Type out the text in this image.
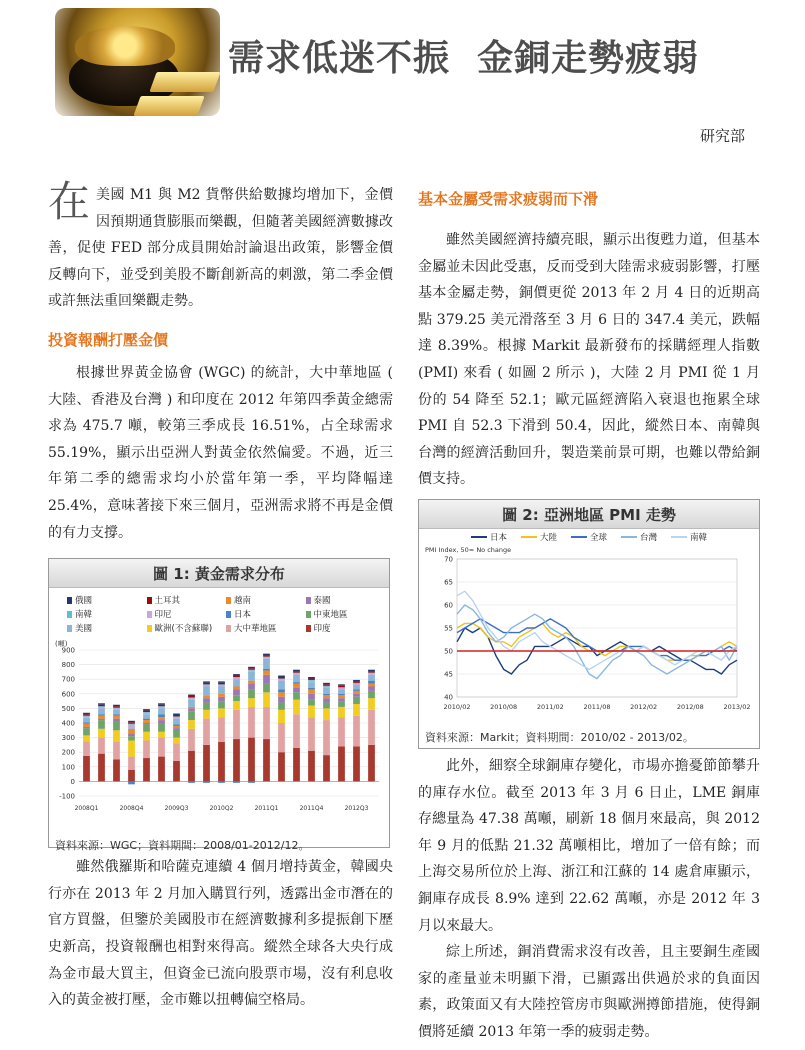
需求低迷不振  金銅走勢疲弱
研究部

在美國 M1 與 M2 貨幣供給數據均增加下，金價因預期通貨膨脹而樂觀，但隨著美國經濟數據改善，促使 FED 部分成員開始討論退出政策，影響金價反轉向下，並受到美股不斷創新高的刺激，第二季金價或許無法重回樂觀走勢。

投資報酬打壓金價

根據世界黃金協會 (WGC) 的統計，大中華地區 ( 大陸、香港及台灣 ) 和印度在 2012 年第四季黃金總需求為 475.7 噸，較第三季成長 16.51%，占全球需求 55.19%，顯示出亞洲人對黃金依然偏愛。不過，近三年第二季的總需求均小於當年第一季，平均降幅達 25.4%，意味著接下來三個月，亞洲需求將不再是金價的有力支撐。

圖 1: 黃金需求分布
俄國	土耳其	越南	泰國
南韓	印尼	日本	中東地區
美國	歐洲(不含蘇聯)	大中華地區	印度
(噸)
900
800
700
600
500
400
300
200
100
0
-100
2008Q1	2008Q4	2009Q3	2010Q2	2011Q1	2011Q4	2012Q3
資料來源：WGC；資料期間：2008/01-2012/12。

雖然俄羅斯和哈薩克連續 4 個月增持黃金，韓國央行亦在 2013 年 2 月加入購買行列，透露出金市潛在的官方買盤，但鑒於美國股市在經濟數據利多提振創下歷史新高，投資報酬也相對來得高。縱然全球各大央行成為金市最大買主，但資金已流向股票市場，沒有利息收入的黃金被打壓，金市難以扭轉偏空格局。

基本金屬受需求疲弱而下滑

雖然美國經濟持續亮眼，顯示出復甦力道，但基本金屬並未因此受惠，反而受到大陸需求疲弱影響，打壓基本金屬走勢，銅價更從 2013 年 2 月 4 日的近期高點 379.25 美元滑落至 3 月 6 日的 347.4 美元，跌幅達 8.39%。根據 Markit 最新發布的採購經理人指數 (PMI) 來看 ( 如圖 2 所示 )，大陸 2 月 PMI 從 1 月份的 54 降至 52.1；歐元區經濟陷入衰退也拖累全球 PMI 自 52.3 下滑到 50.4，因此，縱然日本、南韓與台灣的經濟活動回升，製造業前景可期，也難以帶給銅價支持。

圖 2: 亞洲地區 PMI 走勢
日本	大陸	全球	台灣	南韓
PMI Index, 50= No change
70
65
60
55
50
45
40
2010/02	2010/08	2011/02	2011/08	2012/02	2012/08	2013/02
資料來源：Markit；資料期間：2010/02 - 2013/02。

此外，細察全球銅庫存變化，市場亦擔憂節節攀升的庫存水位。截至 2013 年 3 月 6 日止，LME 銅庫存總量為 47.38 萬噸，刷新 18 個月來最高，與 2012 年 9 月的低點 21.32 萬噸相比，增加了一倍有餘；而上海交易所位於上海、浙江和江蘇的 14 處倉庫顯示，銅庫存成長 8.9% 達到 22.62 萬噸，亦是 2012 年 3 月以來最大。

綜上所述，銅消費需求沒有改善，且主要銅生產國家的產量並未明顯下滑，已顯露出供過於求的負面因素，政策面又有大陸控管房市與歐洲撙節措施，使得銅價將延續 2013 年第一季的疲弱走勢。
